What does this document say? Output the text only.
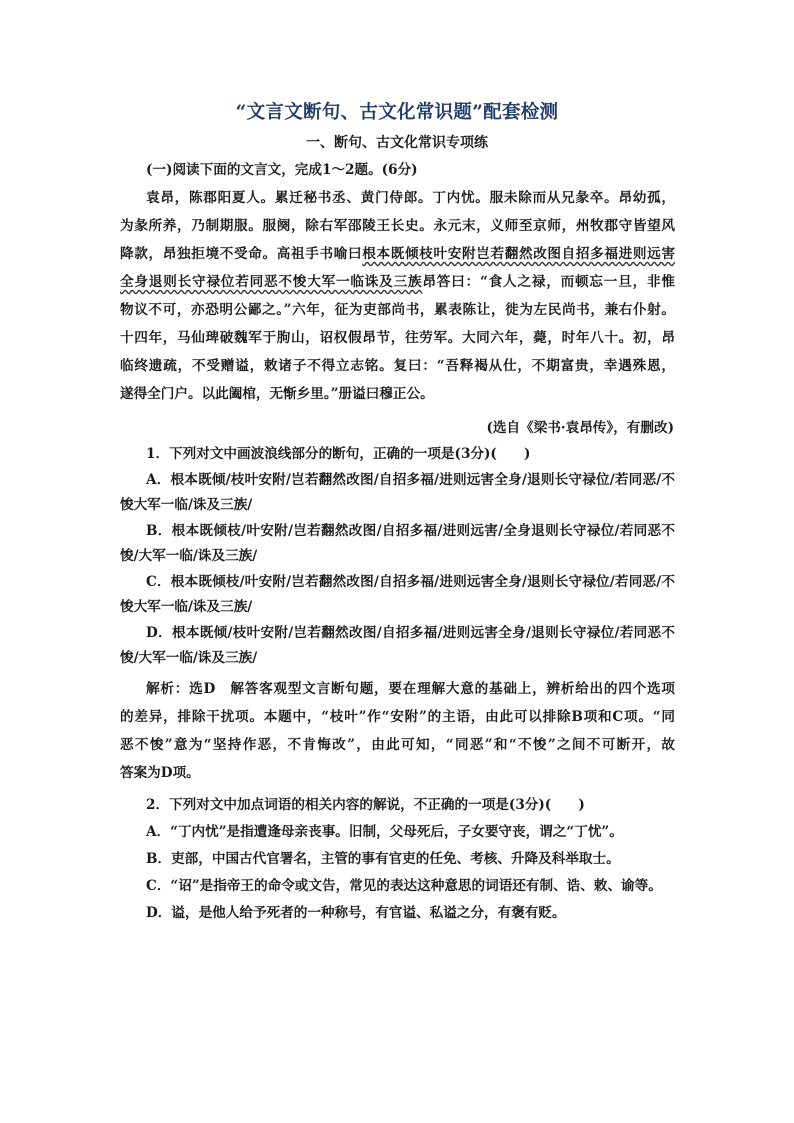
“文言文断句、古文化常识题”配套检测
一、断句、古文化常识专项练
(一)阅读下面的文言文，完成1～2题。(6分)
袁昂，陈郡阳夏人。累迁秘书丞、黄门侍郎。丁内忧。服未除而从兄彖卒。昂幼孤，
为彖所养，乃制期服。服阕，除右军邵陵王长史。永元末，义师至京师，州牧郡守皆望风
降款，昂独拒境不受命。高祖手书喻曰根本既倾枝叶安附岂若翻然改图自招多福进则远害
全身退则长守禄位若同恶不悛大军一临诛及三族昂答曰：“食人之禄，而顿忘一旦，非惟
物议不可，亦恐明公鄙之。”六年，征为吏部尚书，累表陈让，徙为左民尚书，兼右仆射。
十四年，马仙琕破魏军于朐山，诏权假昂节，往劳军。大同六年，薨，时年八十。初，昂
临终遗疏，不受赠谥，敕诸子不得立志铭。复曰：“吾释褐从仕，不期富贵，幸遇殊恩，
遂得全门户。以此阖棺，无惭乡里。”册谥曰穆正公。
(选自《梁书·袁昂传》，有删改)
1．下列对文中画波浪线部分的断句，正确的一项是(3分)(　　)
A．根本既倾/枝叶安附/岂若翻然改图/自招多福/进则远害全身/退则长守禄位/若同恶/不
悛大军一临/诛及三族/
B．根本既倾枝/叶安附/岂若翻然改图/自招多福/进则远害/全身退则长守禄位/若同恶不
悛/大军一临/诛及三族/
C．根本既倾枝/叶安附/岂若翻然改图/自招多福/进则远害全身/退则长守禄位/若同恶/不
悛大军一临/诛及三族/
D．根本既倾/枝叶安附/岂若翻然改图/自招多福/进则远害全身/退则长守禄位/若同恶不
悛/大军一临/诛及三族/
解析：选D　解答客观型文言断句题，要在理解大意的基础上，辨析给出的四个选项
的差异，排除干扰项。本题中，“枝叶”作“安附”的主语，由此可以排除B项和C项。“同
恶不悛”意为“坚持作恶，不肯悔改”，由此可知，“同恶”和“不悛”之间不可断开，故
答案为D项。
2．下列对文中加点词语的相关内容的解说，不正确的一项是(3分)(　　)
A．“丁内忧”是指遭逢母亲丧事。旧制，父母死后，子女要守丧，谓之“丁忧”。
B．吏部，中国古代官署名，主管的事有官吏的任免、考核、升降及科举取士。
C．“诏”是指帝王的命令或文告，常见的表达这种意思的词语还有制、诰、敕、谕等。
D．谥，是他人给予死者的一种称号，有官谥、私谥之分，有褒有贬。
